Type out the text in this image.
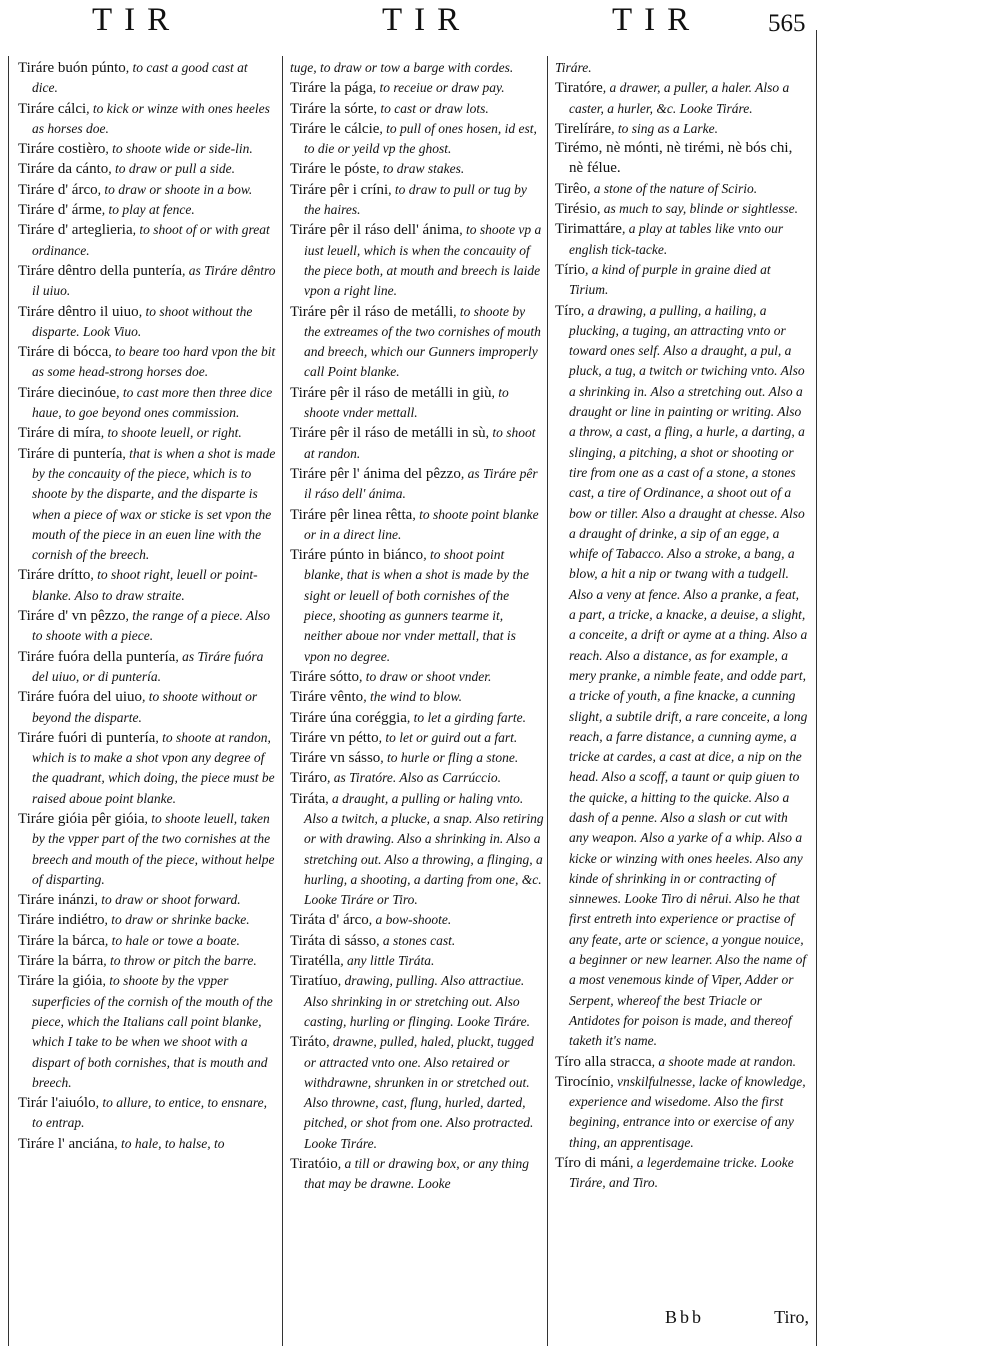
TIR	TIR	TIR	565

Tiráre buón púnto, to cast a good cast at dice.

Tiráre cálci, to kick or winze with ones heeles as horses doe.

Tiráre costièro, to shoote wide or side-lin.

Tiráre da cánto, to draw or pull a side.

Tiráre d' árco, to draw or shoote in a bow.

Tiráre d' árme, to play at fence.

Tiráre d' arteglieria, to shoot of or with great ordinance.

Tiráre dêntro della puntería, as Tiráre dêntro il uiuo.

Tiráre dêntro il uiuo, to shoot without the disparte. Look Viuo.

Tiráre di bócca, to beare too hard vpon the bit as some head-strong horses doe.

Tiráre diecinóue, to cast more then three dice haue, to goe beyond ones commission.

Tiráre di míra, to shoote leuell, or right.

Tiráre di puntería, that is when a shot is made by the concauity of the piece, which is to shoote by the disparte, and the disparte is when a piece of wax or sticke is set vpon the mouth of the piece in an euen line with the cornish of the breech.

Tiráre drítto, to shoot right, leuell or point-blanke. Also to draw straite.

Tiráre d' vn pêzzo, the range of a piece. Also to shoote with a piece.

Tiráre fuóra della puntería, as Tiráre fuóra del uiuo, or di puntería.

Tiráre fuóra del uiuo, to shoote without or beyond the disparte.

Tiráre fuóri di puntería, to shoote at randon, which is to make a shot vpon any degree of the quadrant, which doing, the piece must be raised aboue point blanke.

Tiráre gióia pêr gióia, to shoote leuell, taken by the vpper part of the two cornishes at the breech and mouth of the piece, without helpe of disparting.

Tiráre inánzi, to draw or shoot forward.

Tiráre indiétro, to draw or shrinke backe.

Tiráre la bárca, to hale or towe a boate.

Tiráre la bárra, to throw or pitch the barre.

Tiráre la gióia, to shoote by the vpper superficies of the cornish of the mouth of the piece, which the Italians call point blanke, which I take to be when we shoot with a dispart of both cornishes, that is mouth and breech.

Tirár l'aiuólo, to allure, to entice, to ensnare, to entrap.

Tiráre l' anciána, to hale, to halse, to

tuge, to draw or tow a barge with cordes.

Tiráre la pága, to receiue or draw pay.

Tiráre la sórte, to cast or draw lots.

Tiráre le cálcie, to pull of ones hosen, id est, to die or yeild vp the ghost.

Tiráre le póste, to draw stakes.

Tiráre pêr i críni, to draw to pull or tug by the haires.

Tiráre pêr il ráso dell' ánima, to shoote vp a iust leuell, which is when the concauity of the piece both, at mouth and breech is laide vpon a right line.

Tiráre pêr il ráso de metálli, to shoote by the extreames of the two cornishes of mouth and breech, which our Gunners improperly call Point blanke.

Tiráre pêr il ráso de metálli in giù, to shoote vnder mettall.

Tiráre pêr il ráso de metálli in sù, to shoot at randon.

Tiráre pêr l' ánima del pêzzo, as Tiráre pêr il ráso dell' ánima.

Tiráre pêr linea rêtta, to shoote point blanke or in a direct line.

Tiráre púnto in biánco, to shoot point blanke, that is when a shot is made by the sight or leuell of both cornishes of the piece, shooting as gunners tearme it, neither aboue nor vnder mettall, that is vpon no degree.

Tiráre sótto, to draw or shoot vnder.

Tiráre vênto, the wind to blow.

Tiráre úna coréggia, to let a girding farte.

Tiráre vn pétto, to let or guird out a fart.

Tiráre vn sásso, to hurle or fling a stone.

Tiráro, as Tiratóre. Also as Carrúccio.

Tiráta, a draught, a pulling or haling vnto. Also a twitch, a plucke, a snap. Also retiring or with drawing. Also a shrinking in. Also a stretching out. Also a throwing, a flinging, a hurling, a shooting, a darting from one, &c. Looke Tiráre or Tiro.

Tiráta d' árco, a bow-shoote.

Tiráta di sásso, a stones cast.

Tiratélla, any little Tiráta.

Tiratíuo, drawing, pulling. Also attractiue. Also shrinking in or stretching out. Also casting, hurling or flinging. Looke Tiráre.

Tiráto, drawne, pulled, haled, pluckt, tugged or attracted vnto one. Also retaired or withdrawne, shrunken in or stretched out. Also throwne, cast, flung, hurled, darted, pitched, or shot from one. Also protracted. Looke Tiráre.

Tiratóio, a till or drawing box, or any thing that may be drawne. Looke

Tiráre.

Tiratóre, a drawer, a puller, a haler. Also a caster, a hurler, &c. Looke Tiráre.

Tirelíráre, to sing as a Larke.

Tirémo, nè mónti, nè tirémi, nè bós chi, nè félue.

Tirêo, a stone of the nature of Scirio.

Tirésio, as much to say, blinde or sightlesse.

Tirimattáre, a play at tables like vnto our english tick-tacke.

Tírio, a kind of purple in graine died at Tirium.

Tíro, a drawing, a pulling, a hailing, a plucking, a tuging, an attracting vnto or toward ones self. Also a draught, a pul, a pluck, a tug, a twitch or twiching vnto. Also a shrinking in. Also a stretching out. Also a draught or line in painting or writing. Also a throw, a cast, a fling, a hurle, a darting, a slinging, a pitching, a shot or shooting or tire from one as a cast of a stone, a stones cast, a tire of Ordinance, a shoot out of a bow or tiller. Also a draught at chesse. Also a draught of drinke, a sip of an egge, a whife of Tabacco. Also a stroke, a bang, a blow, a hit a nip or twang with a tudgell. Also a veny at fence. Also a pranke, a feat, a part, a tricke, a knacke, a deuise, a slight, a conceite, a drift or ayme at a thing. Also a reach. Also a distance, as for example, a mery pranke, a nimble feate, and odde part, a tricke of youth, a fine knacke, a cunning slight, a subtile drift, a rare conceite, a long reach, a farre distance, a cunning ayme, a tricke at cardes, a cast at dice, a nip on the head. Also a scoff, a taunt or quip giuen to the quicke, a hitting to the quicke. Also a dash of a penne. Also a slash or cut with any weapon. Also a yarke of a whip. Also a kicke or winzing with ones heeles. Also any kinde of shrinking in or contracting of sinnewes. Looke Tiro di nêrui. Also he that first entreth into experience or practise of any feate, arte or science, a yongue nouice, a beginner or new learner. Also the name of a most venemous kinde of Viper, Adder or Serpent, whereof the best Triacle or Antidotes for poison is made, and thereof taketh it's name.

Tíro alla stracca, a shoote made at randon.

Tirocínio, vnskilfulnesse, lacke of knowledge, experience and wisedome. Also the first begining, entrance into or exercise of any thing, an apprentisage.

Tíro di máni, a legerdemaine tricke. Looke Tiráre, and Tiro.

Bbb	Tiro,
